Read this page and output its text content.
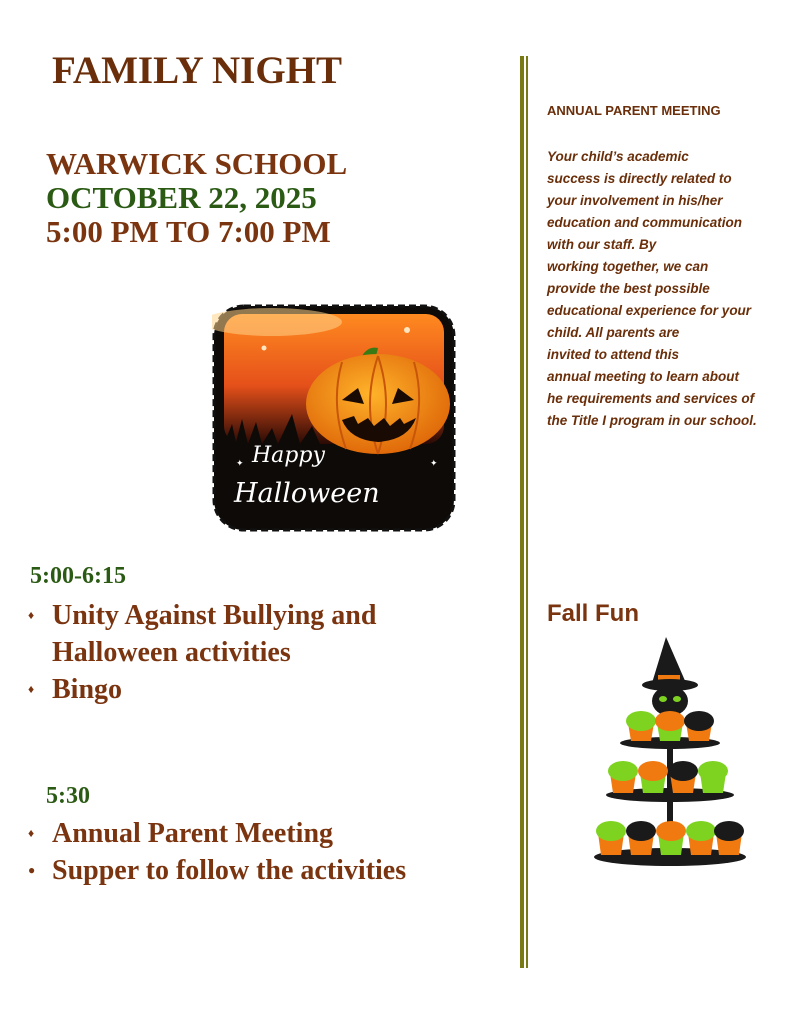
FAMILY NIGHT
WARWICK SCHOOL
OCTOBER 22, 2025
5:00 PM TO 7:00 PM
Happy
Halloween
✦	✦
5:00-6:15
♦ Unity Against Bullying and
Halloween activities
♦ Bingo
5:30
♦ Annual Parent Meeting
● Supper to follow the activities
ANNUAL PARENT MEETING
Your child’s academic
success is directly related to
your involvement in his/her
education and communication
with our staff. By
working together, we can
provide the best possible
educational experience for your
child. All parents are
invited to attend this
annual meeting to learn about
he requirements and services of
the Title I program in our school.
Fall Fun
